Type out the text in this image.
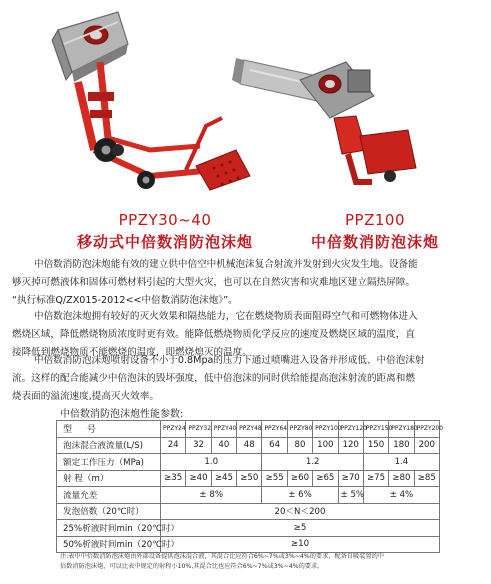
PPZY30~40
移动式中倍数消防泡沫炮
PPZ100
中倍数消防泡沫炮
中倍数消防泡沫炮能有效的建立供中倍空中机械泡沫复合射流并发射到火灾发生地。设备能
够灭掉可燃液体和固体可燃材料引起的大型火灾，也可以在自然灾害和灾难地区建立隔热屏障。
“执行标准Q/ZX015-2012<<中倍数消防泡沫炮》”。
中倍数泡沫炮拥有较好的灭火效果和隔热能力，它在燃烧物质表面阻碍空气和可燃物体进入
燃烧区域，降低燃烧物质浓度时更有效。能降低燃烧物质化学反应的速度及燃烧区域的温度，直
接降低到燃烧物质不能燃烧的温度，即燃烧熄灭的温度。
中倍数消防泡沫炮喷射设备不小于0.8Mpa的压力下通过喷嘴进入设备并形成低、中倍泡沫射
流。这样的配合能减少中倍泡沫的毁坏强度，低中倍泡沫的同时供给能提高泡沫射流的距离和燃
烧表面的溢流速度,提高灭火效率。
中倍数消防泡沫炮性能参数:
型 号	PPZY24	PPZY32	PPZY40	PPZY48	PPZY64	PPZY80	PPZY100	PPZY120	PPZY150	PPZY180	PPZY200
泡沫混合液流量(L/S)	24	32	40	48	64	80	100	120	150	180	200
额定工作压力（MPa)	1.0				1.2				1.4		
射 程（m）	≥35	≥40	≥45	≥50	≥55	≥60	≥65	≥70	≥75	≥80	≥85
流量允差	± 8%				± 6%			± 5%	± 4%		
发泡倍数（20℃时）	20＜N＜200										
25%析液时间min（20℃时）	≥5										
50%析液时间min（20℃时）	≥10										
注:表中中倍数消防泡沫炮由外部设备提供泡沫混合液，其混合比应符合6%~7%或3%~4%的要求，配备自吸装置的中
倍数消防泡沫炮，可以比表中规定的射程小10%,其混合比也应符合6%~7%或3%~4%的要求。
